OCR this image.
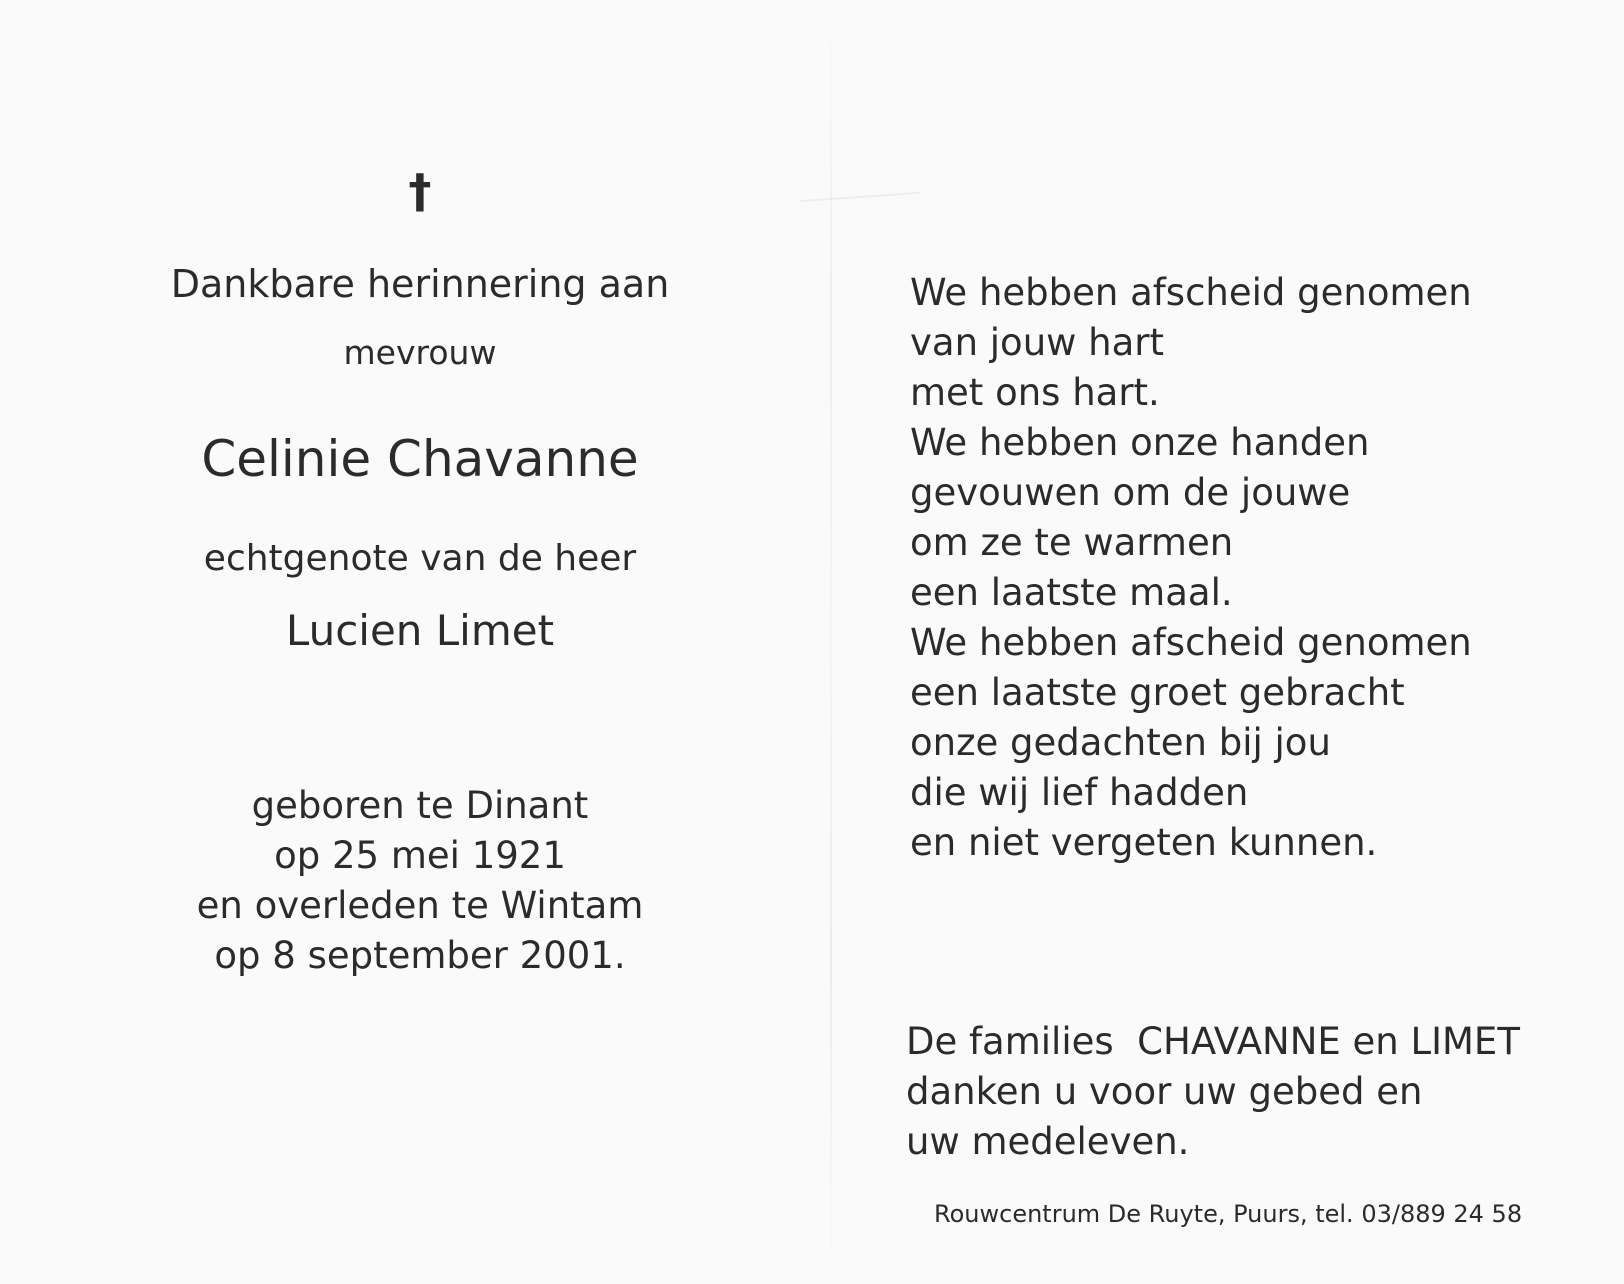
†
Dankbare herinnering aan
mevrouw
Celinie Chavanne
echtgenote van de heer
Lucien Limet
geboren te Dinant
op 25 mei 1921
en overleden te Wintam
op 8 september 2001.
We hebben afscheid genomen
van jouw hart
met ons hart.
We hebben onze handen
gevouwen om de jouwe
om ze te warmen
een laatste maal.
We hebben afscheid genomen
een laatste groet gebracht
onze gedachten bij jou
die wij lief hadden
en niet vergeten kunnen.
De families  CHAVANNE en LIMET
danken u voor uw gebed en
uw medeleven.
Rouwcentrum De Ruyte, Puurs, tel. 03/889 24 58
